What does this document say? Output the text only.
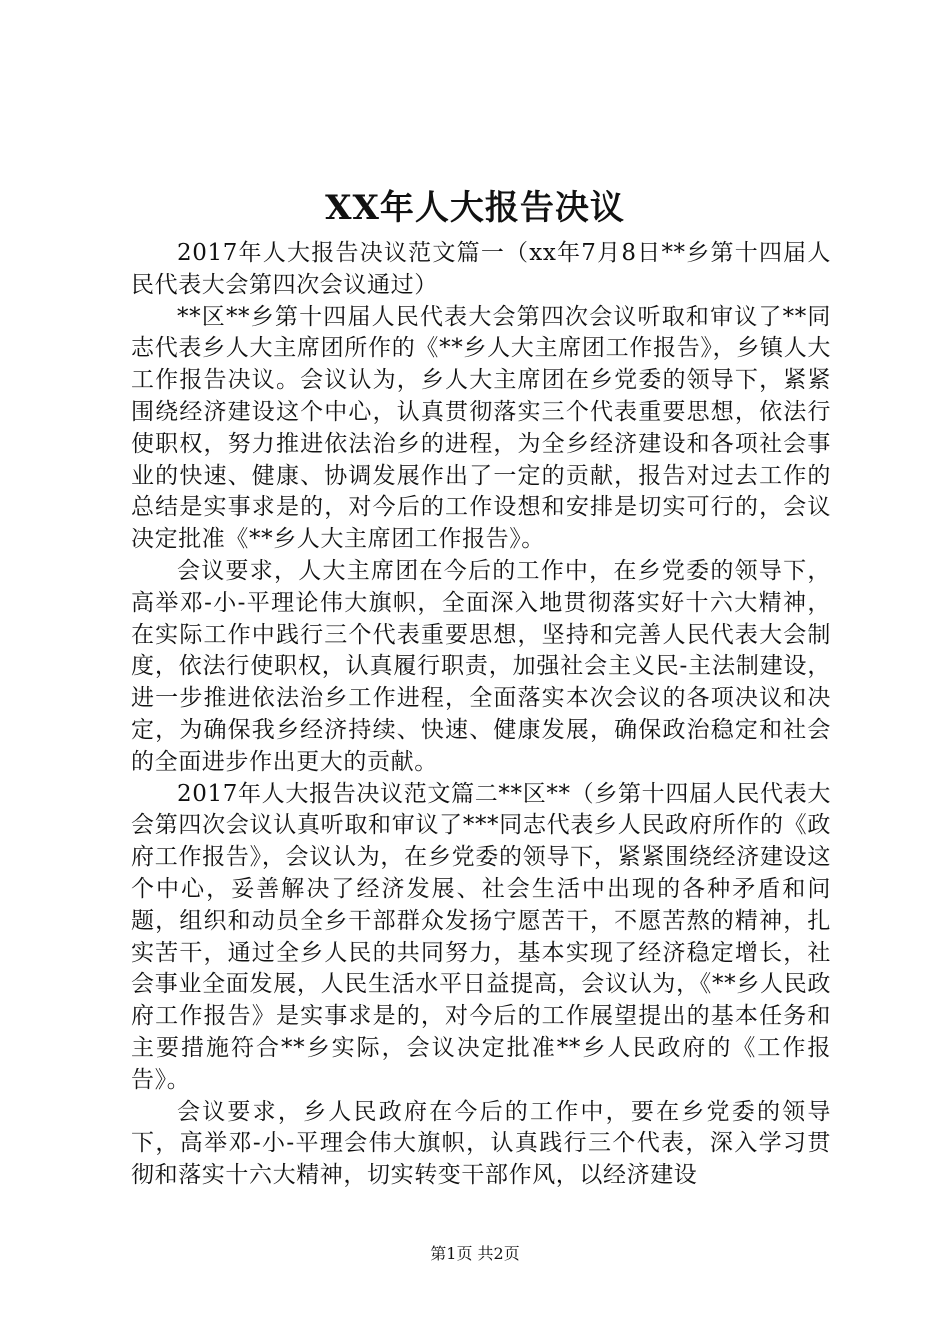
XX年人大报告决议

2017年人大报告决议范文篇一（xx年7月8日**乡第十四届人民代表大会第四次会议通过）

**区**乡第十四届人民代表大会第四次会议听取和审议了**同志代表乡人大主席团所作的《**乡人大主席团工作报告》，乡镇人大工作报告决议。会议认为，乡人大主席团在乡党委的领导下，紧紧围绕经济建设这个中心，认真贯彻落实三个代表重要思想，依法行使职权，努力推进依法治乡的进程，为全乡经济建设和各项社会事业的快速、健康、协调发展作出了一定的贡献，报告对过去工作的总结是实事求是的，对今后的工作设想和安排是切实可行的，会议决定批准《**乡人大主席团工作报告》。

会议要求，人大主席团在今后的工作中，在乡党委的领导下，高举邓-小-平理论伟大旗帜，全面深入地贯彻落实好十六大精神，在实际工作中践行三个代表重要思想，坚持和完善人民代表大会制度，依法行使职权，认真履行职责，加强社会主义民-主法制建设，进一步推进依法治乡工作进程，全面落实本次会议的各项决议和决定，为确保我乡经济持续、快速、健康发展，确保政治稳定和社会的全面进步作出更大的贡献。

2017年人大报告决议范文篇二**区**（乡第十四届人民代表大会第四次会议认真听取和审议了***同志代表乡人民政府所作的《政府工作报告》，会议认为，在乡党委的领导下，紧紧围绕经济建设这个中心，妥善解决了经济发展、社会生活中出现的各种矛盾和问题，组织和动员全乡干部群众发扬宁愿苦干，不愿苦熬的精神，扎实苦干，通过全乡人民的共同努力，基本实现了经济稳定增长，社会事业全面发展，人民生活水平日益提高，会议认为，《**乡人民政府工作报告》是实事求是的，对今后的工作展望提出的基本任务和主要措施符合**乡实际，会议决定批准**乡人民政府的《工作报告》。

会议要求，乡人民政府在今后的工作中，要在乡党委的领导下，高举邓-小-平理会伟大旗帜，认真践行三个代表，深入学习贯彻和落实十六大精神，切实转变干部作风，以经济建设

第1页 共2页
